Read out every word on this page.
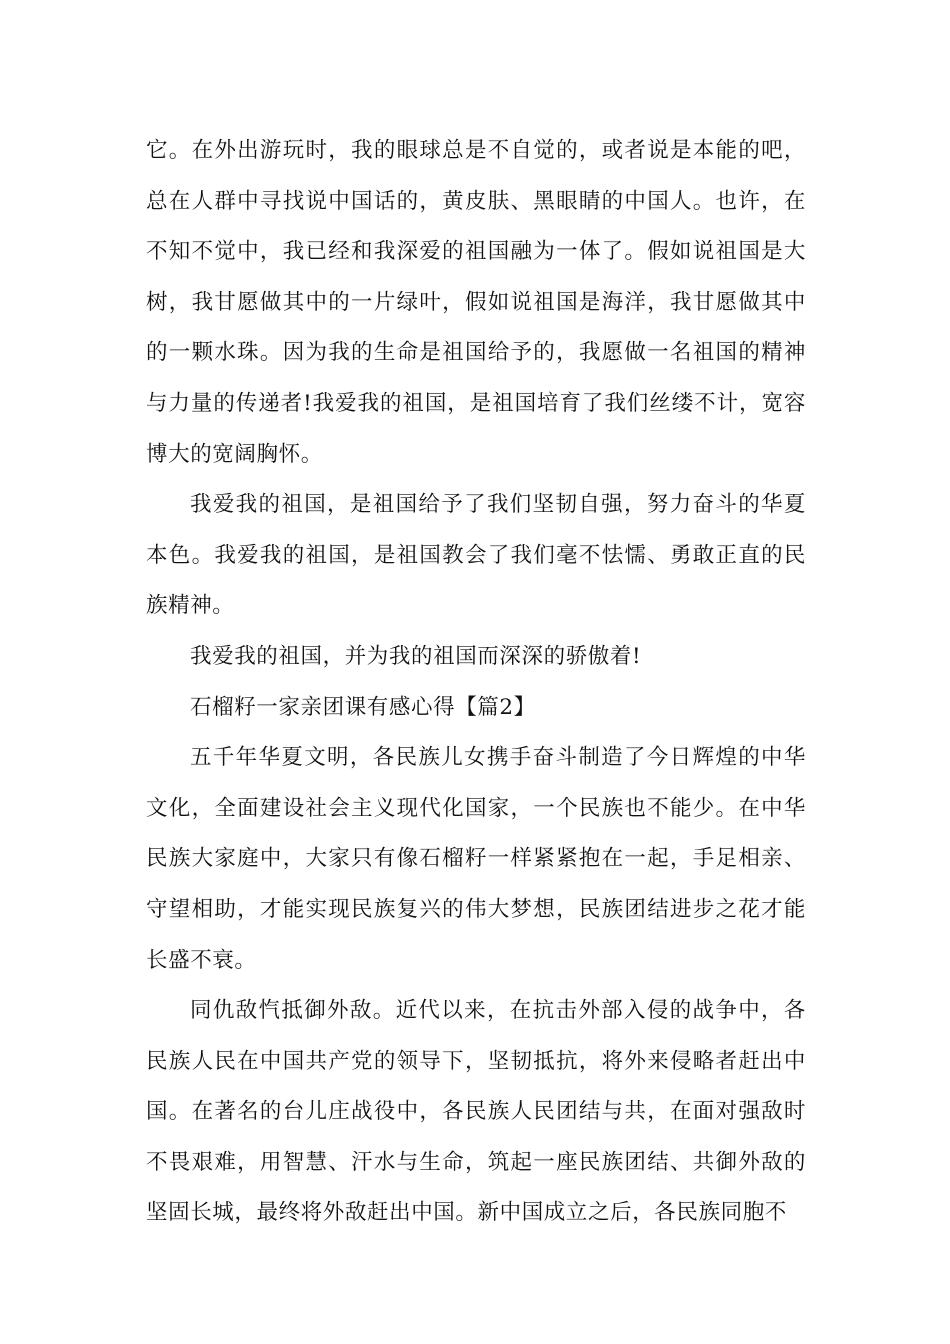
它。在外出游玩时，我的眼球总是不自觉的，或者说是本能的吧，总在人群中寻找说中国话的，黄皮肤、黑眼睛的中国人。也许，在不知不觉中，我已经和我深爱的祖国融为一体了。假如说祖国是大树，我甘愿做其中的一片绿叶，假如说祖国是海洋，我甘愿做其中的一颗水珠。因为我的生命是祖国给予的，我愿做一名祖国的精神与力量的传递者!我爱我的祖国，是祖国培育了我们丝缕不计，宽容博大的宽阔胸怀。

我爱我的祖国，是祖国给予了我们坚韧自强，努力奋斗的华夏本色。我爱我的祖国，是祖国教会了我们毫不怯懦、勇敢正直的民族精神。

我爱我的祖国，并为我的祖国而深深的骄傲着!

石榴籽一家亲团课有感心得【篇2】

五千年华夏文明，各民族儿女携手奋斗制造了今日辉煌的中华文化，全面建设社会主义现代化国家，一个民族也不能少。在中华民族大家庭中，大家只有像石榴籽一样紧紧抱在一起，手足相亲、守望相助，才能实现民族复兴的伟大梦想，民族团结进步之花才能长盛不衰。

同仇敌忾抵御外敌。近代以来，在抗击外部入侵的战争中，各民族人民在中国共产党的领导下，坚韧抵抗，将外来侵略者赶出中国。在著名的台儿庄战役中，各民族人民团结与共，在面对强敌时不畏艰难，用智慧、汗水与生命，筑起一座民族团结、共御外敌的坚固长城，最终将外敌赶出中国。新中国成立之后，各民族同胞不
